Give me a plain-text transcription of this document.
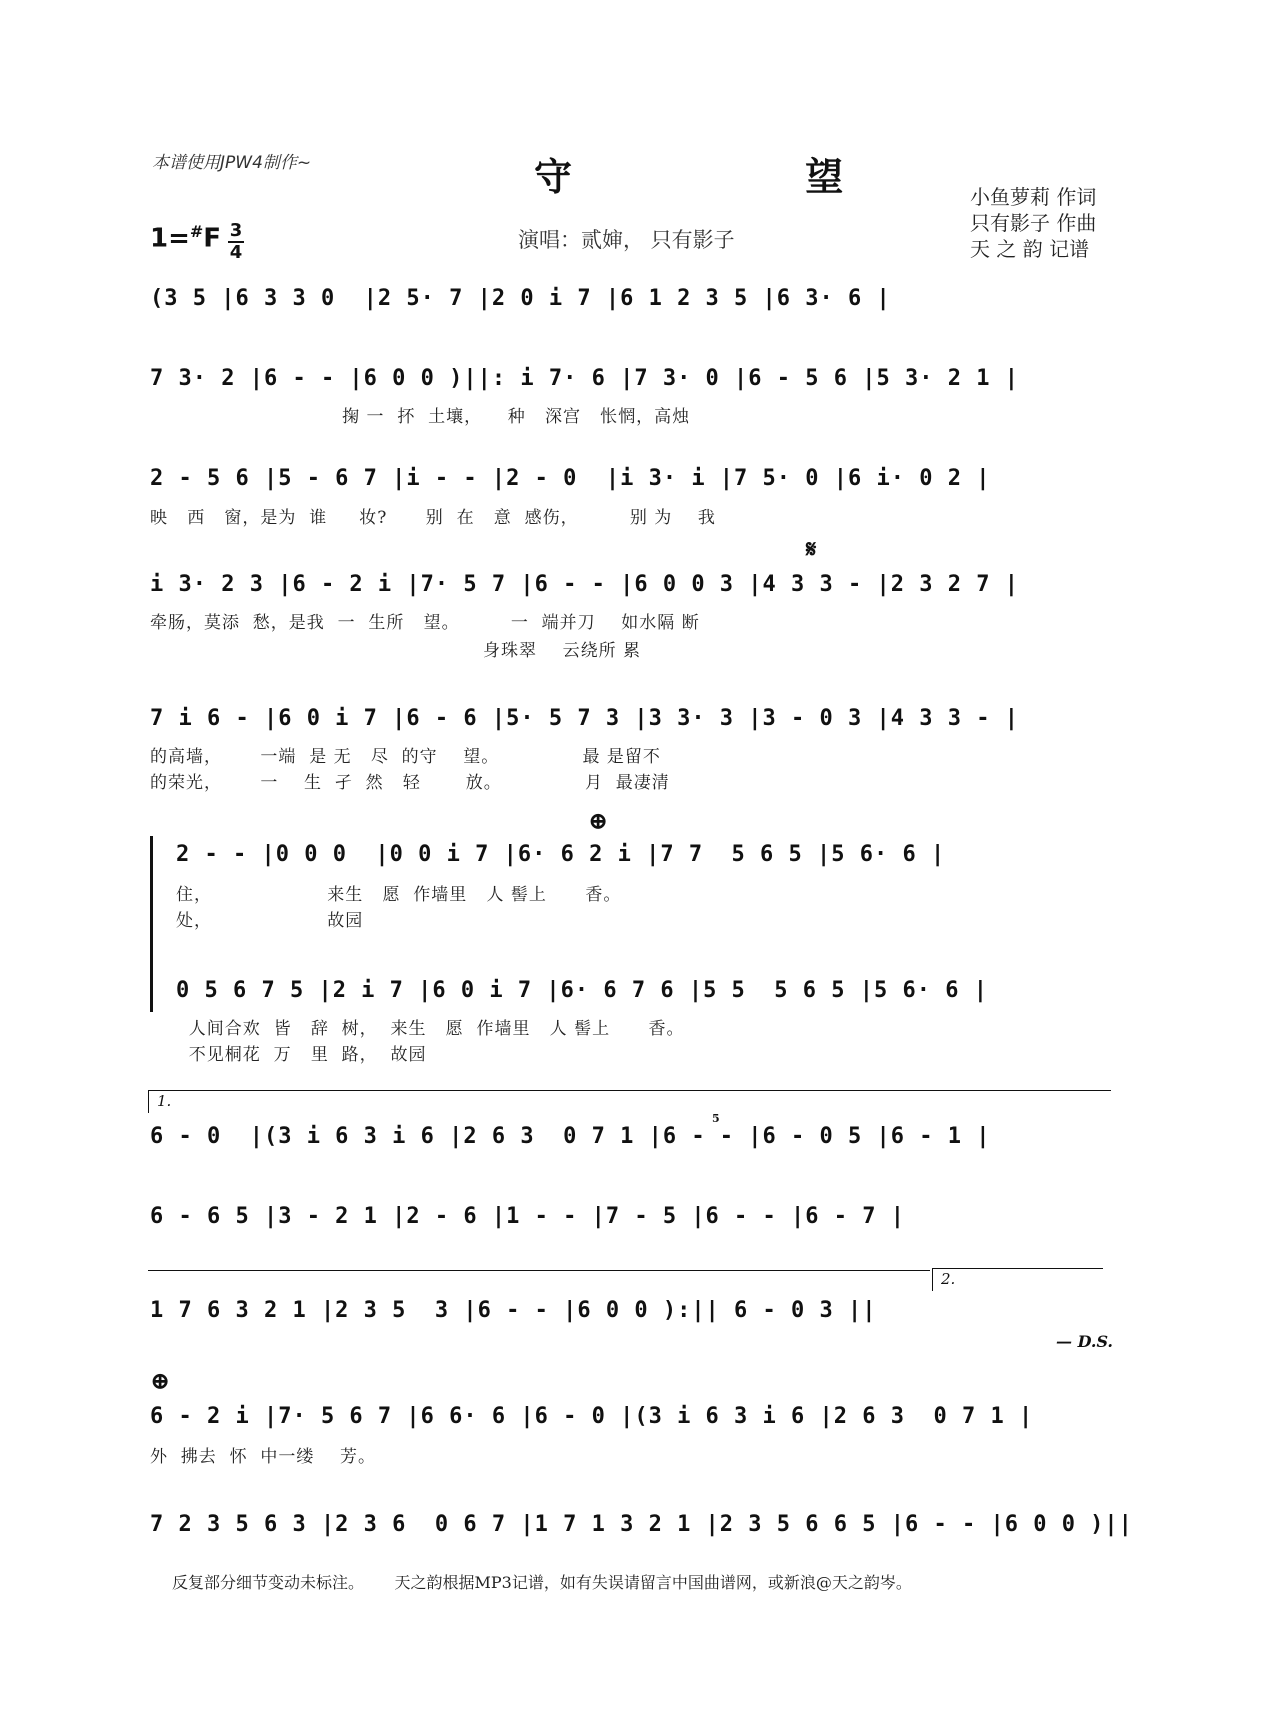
本谱使用JPW4制作~	守 望
1=#F 3
4
演唱：贰婶， 只有影子
小鱼萝莉 作词
只有影子 作曲
天 之 韵 记谱
(3 5 |6 3 3 0  |2 5· 7 |2 0 i 7 |6 1 2 3 5 |6 3· 6 |
7 3· 2 |6 - - |6 0 0 )||: i 7· 6 |7 3· 0 |6 - 5 6 |5 3· 2 1 |
掬 一  抔  土壤，    种   深宫   怅惘，高烛
2 - 5 6 |5 - 6 7 |i - - |2 - 0  |i 3· i |7 5· 0 |6 i· 0 2 |
映   西   窗，是为  谁     妆?      别  在   意  感伤，        别 为    我
𝄋
i 3· 2 3 |6 - 2 i |7· 5 7 |6 - - |6 0 0 3 |4 3 3 - |2 3 2 7 |
牵肠，莫添  愁，是我  一  生所   望。        一  端并刀    如水隔 断
身珠翠    云绕所 累
7 i 6 - |6 0 i 7 |6 - 6 |5· 5 7 3 |3 3· 3 |3 - 0 3 |4 3 3 - |
的高墙，      一端  是 无   尽  的守    望。             最 是留不
的荣光，      一    生  孑  然   轻       放。             月  最凄清
⊕
2 - - |0 0 0  |0 0 i 7 |6· 6 2 i |7 7  5 6 5 |5 6· 6 |
住，                  来生   愿  作墙里   人 髻上      香。
处，                  故园
0 5 6 7 5 |2 i 7 |6 0 i 7 |6· 6 7 6 |5 5  5 6 5 |5 6· 6 |
人间合欢  皆   辞  树，  来生   愿  作墙里   人 髻上      香。
不见桐花  万   里  路，  故园
1.
5
6 - 0  |(3 i 6 3 i 6 |2 6 3  0 7 1 |6 - - |6 - 0 5 |6 - 1 |
6 - 6 5 |3 - 2 1 |2 - 6 |1 - - |7 - 5 |6 - - |6 - 7 |
2.
1 7 6 3 2 1 |2 3 5  3 |6 - - |6 0 0 ):|| 6 - 0 3 ||
— D.S.
⊕
6 - 2 i |7· 5 6 7 |6 6· 6 |6 - 0 |(3 i 6 3 i 6 |2 6 3  0 7 1 |
外  拂去  怀  中一缕    芳。
7 2 3 5 6 3 |2 3 6  0 6 7 |1 7 1 3 2 1 |2 3 5 6 6 5 |6 - - |6 0 0 )||
反复部分细节变动未标注。      天之韵根据MP3记谱，如有失误请留言中国曲谱网，或新浪@天之韵岑。
